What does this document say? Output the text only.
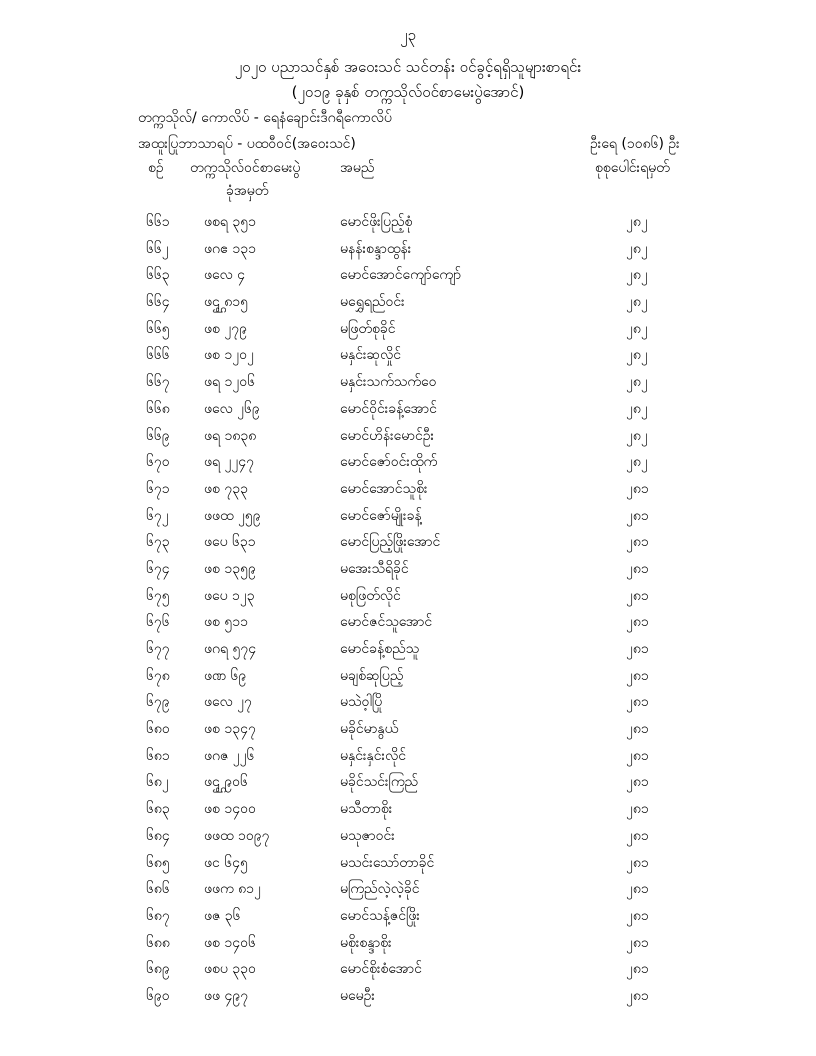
၂၃
၂၀၂၀ ပညာသင်နှစ် အဝေးသင် သင်တန်း ဝင်ခွင့်ရရှိသူများစာရင်း
(၂၀၁၉ ခုနှစ် တက္ကသိုလ်ဝင်စာမေးပွဲအောင်)
တက္ကသိုလ်/ ကောလိပ် - ရေနံချောင်းဒီဂရီကောလိပ်
အထူးပြုဘာသာရပ် - ပထဝီဝင်(အဝေးသင်)	ဦးရေ (၁၀၈၆) ဦး
စဉ် တက္ကသိုလ်ဝင်စာမေးပွဲ
ခုံအမှတ်
အမည်	စုစုပေါင်းရမှတ်
၆၆၁ ဖစရ ၃၅၁	မောင်ဖိုးပြည့်စုံ	၂၈၂
၆၆၂	ဖဂဧ ၁၃၁	မနန်းစန္ဒာထွန်း	၂၈၂
၆၆၃ ဖလေ ၄	မောင်အောင်ကျော်ကျော်	၂၈၂
၆၆၄ ဖဌ္ဌ ၈၁၅	မရွှေရည်ဝင်း	၂၈၂
၆၆၅ ဖစ ၂၇၉	မဖြတ်စုခိုင်	၂၈၂
၆၆၆ ဖစ ၁၂၀၂	မနှင်းဆုလှိုင်	၂၈၂
၆၆၇ ဖရ ၁၂၀၆	မနှင်းသက်သက်ဝေ	၂၈၂
၆၆၈ ဖလေ ၂၆၉	မောင်ဝိုင်းခန့်အောင်	၂၈၂
၆၆၉ ဖရ ၁၈၃၈	မောင်ဟိန်းမောင်ဦး	၂၈၂
၆၇၀ ဖရ ၂၂၄၇	မောင်ဇော်ဝင်းထိုက်	၂၈၂
၆၇၁ ဖစ ၇၃၃	မောင်အောင်သူစိုး	၂၈၁
၆၇၂	ဖဖထ ၂၅၉	မောင်ဇော်မျိုးခန့်	၂၈၁
၆၇၃ ဖပေ ၆၃၁	မောင်ပြည့်ဖြိုးအောင်	၂၈၁
၆၇၄ ဖစ ၁၃၅၉	မအေးသီရိခိုင်	၂၈၁
၆၇၅ ဖပေ ၁၂၃	မစုဖြတ်လိုင်	၂၈၁
၆၇၆ ဖစ ၅၁၁	မောင်ဇင်သူအောင်	၂၈၁
၆၇၇ ဖဂရ ၅၇၄	မောင်ခန့်စည်သူ	၂၈၁
၆၇၈ ဖဏ ၆၉	မချစ်ဆုပြည့်	၂၈၁
၆၇၉ ဖလေ ၂၇	မသဲဝ့ါပြို	၂၈၁
၆၈၀ ဖစ ၁၃၄၇	မခိုင်မာနွယ်	၂၈၁
၆၈၁ ဖဂဇ ၂၂၆	မနှင်းနှင်းလိုင်	၂၈၁
၆၈၂	ဖဌ္ဌ ၉၀၆	မခိုင်သင်းကြည်	၂၈၁
၆၈၃ ဖစ ၁၄၀၀	မသီတာစိုး	၂၈၁
၆၈၄ ဖဖထ ၁၀၉၇	မသုဇာဝင်း	၂၈၁
၆၈၅ ဖင ၆၄၅	မသင်းသော်တာခိုင်	၂၈၁
၆၈၆ ဖဖက ၈၁၂	မကြည်လဲ့လဲ့ခိုင်	၂၈၁
၆၈၇ ဖဇ ၃၆	မောင်သန့်ဇင်ဖြိုး	၂၈၁
၆၈၈ ဖစ ၁၄၀၆	မစိုးစန္ဒာစိုး	၂၈၁
၆၈၉ ဖစပ ၃၃၀	မောင်စိုးစံအောင်	၂၈၁
၆၉၀ ဖဖ ၄၉၇	မမေဦး	၂၈၁
